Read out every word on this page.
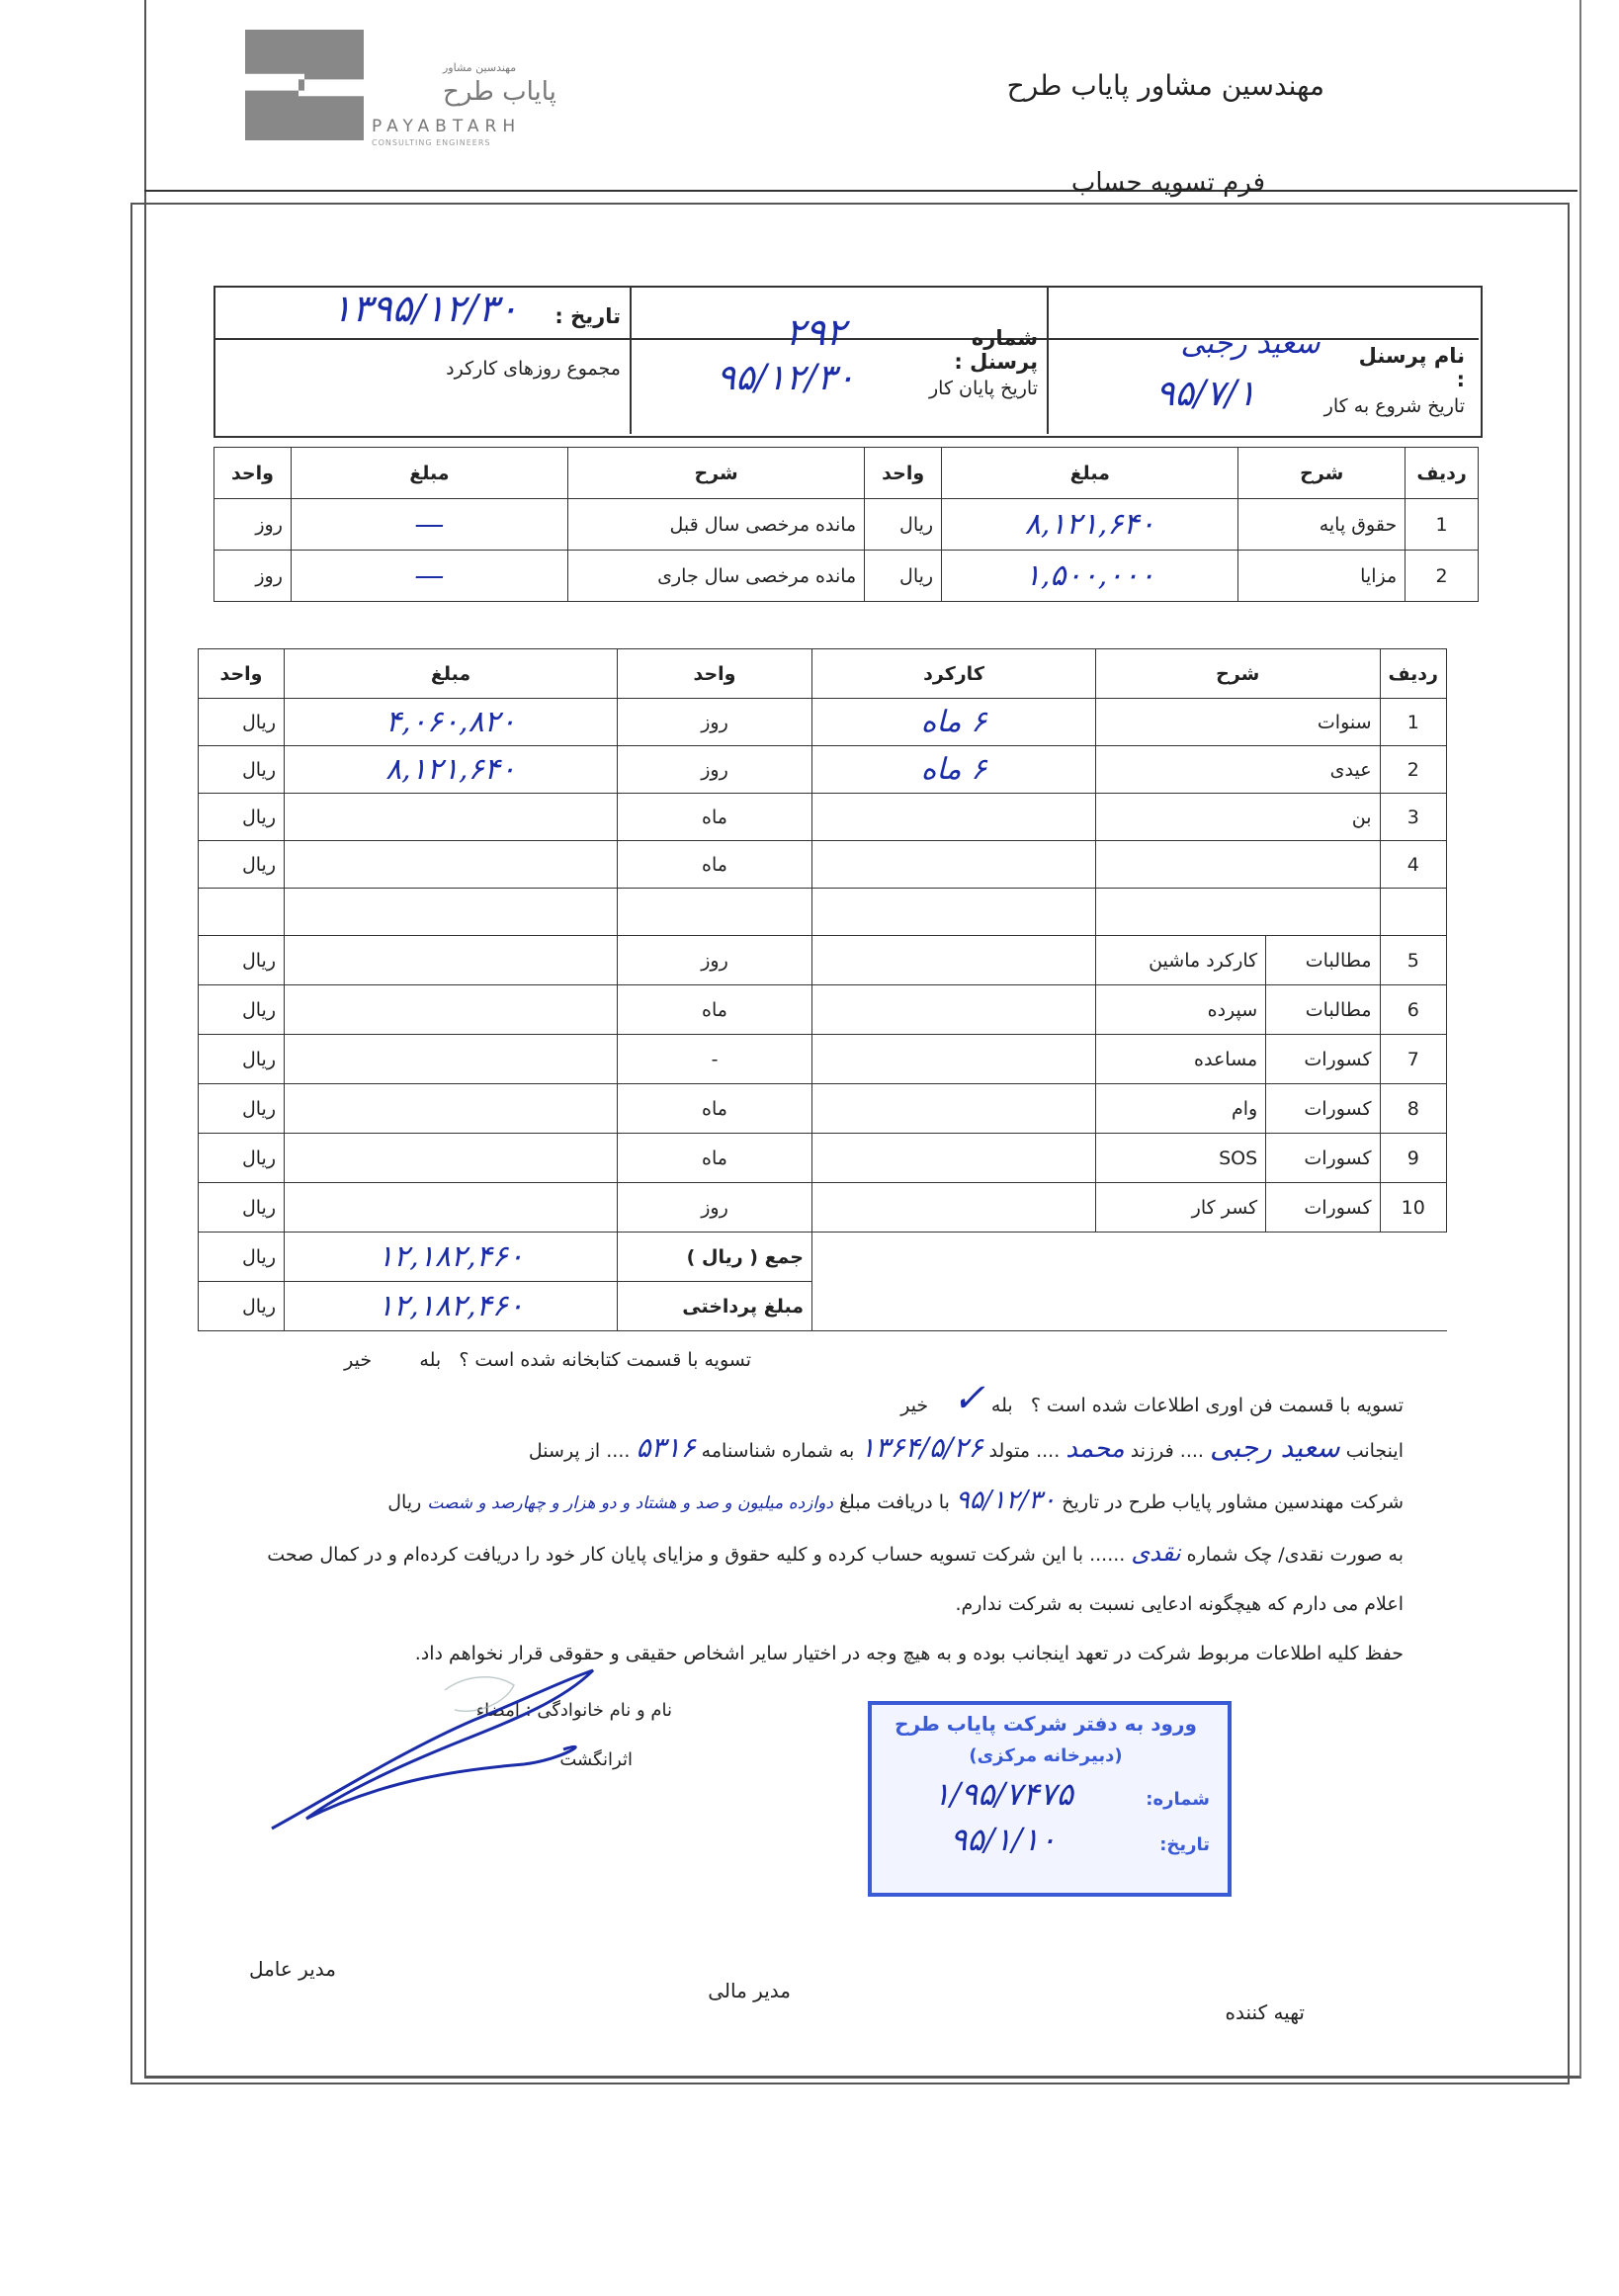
مهندسین مشاور
پایاب طرح
PAYABTARH
CONSULTING ENGINEERS
مهندسین مشاور پایاب طرح
فرم تسویه حساب
نام پرسنل :
سعید رجبی
تاریخ شروع به کار
۹۵/۷/۱
شماره پرسنل :
۲۹۲
تاریخ پایان کار
۹۵/۱۲/۳۰
تاریخ :
۱۳۹۵/۱۲/۳۰
مجموع روزهای کارکرد
ردیف	شرح	مبلغ	واحد	شرح	مبلغ	واحد
1	حقوق پایه	۸,۱۲۱,۶۴۰	ریال	مانده مرخصی سال قبل	—	روز
2	مزایا	۱,۵۰۰,۰۰۰	ریال	مانده مرخصی سال جاری	—	روز
ردیف	شرح		کارکرد	واحد	مبلغ	واحد
1	سنوات		۶ ماه	روز	۴,۰۶۰,۸۲۰	ریال
2	عیدی		۶ ماه	روز	۸,۱۲۱,۶۴۰	ریال
3	بن			ماه		ریال
4				ماه		ریال

5	مطالبات	کارکرد ماشین		روز		ریال
6	مطالبات	سپرده		ماه		ریال
7	کسورات	مساعده		-		ریال
8	کسورات	وام		ماه		ریال
9	کسورات	SOS		ماه		ریال
10	کسورات	کسر کار		روز		ریال
				جمع ( ریال )	۱۲,۱۸۲,۴۶۰	ریال
				مبلغ پرداختی	۱۲,۱۸۲,۴۶۰	ریال
تسویه با قسمت فن اوری اطلاعات شده است ؟   بله ✓    خیر
تسویه با قسمت کتابخانه شده است ؟   بله        خیر
اینجانب سعید رجبی .... فرزند محمد .... متولد ۱۳۶۴/۵/۲۶ به شماره شناسنامه ۵۳۱۶ .... از پرسنل
شرکت مهندسین مشاور پایاب طرح در تاریخ ۹۵/۱۲/۳۰ با دریافت مبلغ دوازده میلیون و صد و هشتاد و دو هزار و چهارصد و شصت ریال
به صورت نقدی/ چک شماره نقدی ...... با این شرکت تسویه حساب کرده و کلیه حقوق و مزایای پایان کار خود را دریافت کرده‌ام و در کمال صحت
اعلام می دارم که هیچگونه ادعایی نسبت به شرکت ندارم.
حفظ کلیه اطلاعات مربوط شرکت در تعهد اینجانب بوده و به هیچ وجه در اختیار سایر اشخاص حقیقی و حقوقی قرار نخواهم داد.
نام و نام خانوادگی : امضاء
اثرانگشت
ورود به دفتر شرکت پایاب طرح
(دبیرخانه مرکزی)
شماره:
۱/۹۵/۷۴۷۵
تاریخ:
۹۵/۱/۱۰
مدیر عامل
مدیر مالی
تهیه کننده
